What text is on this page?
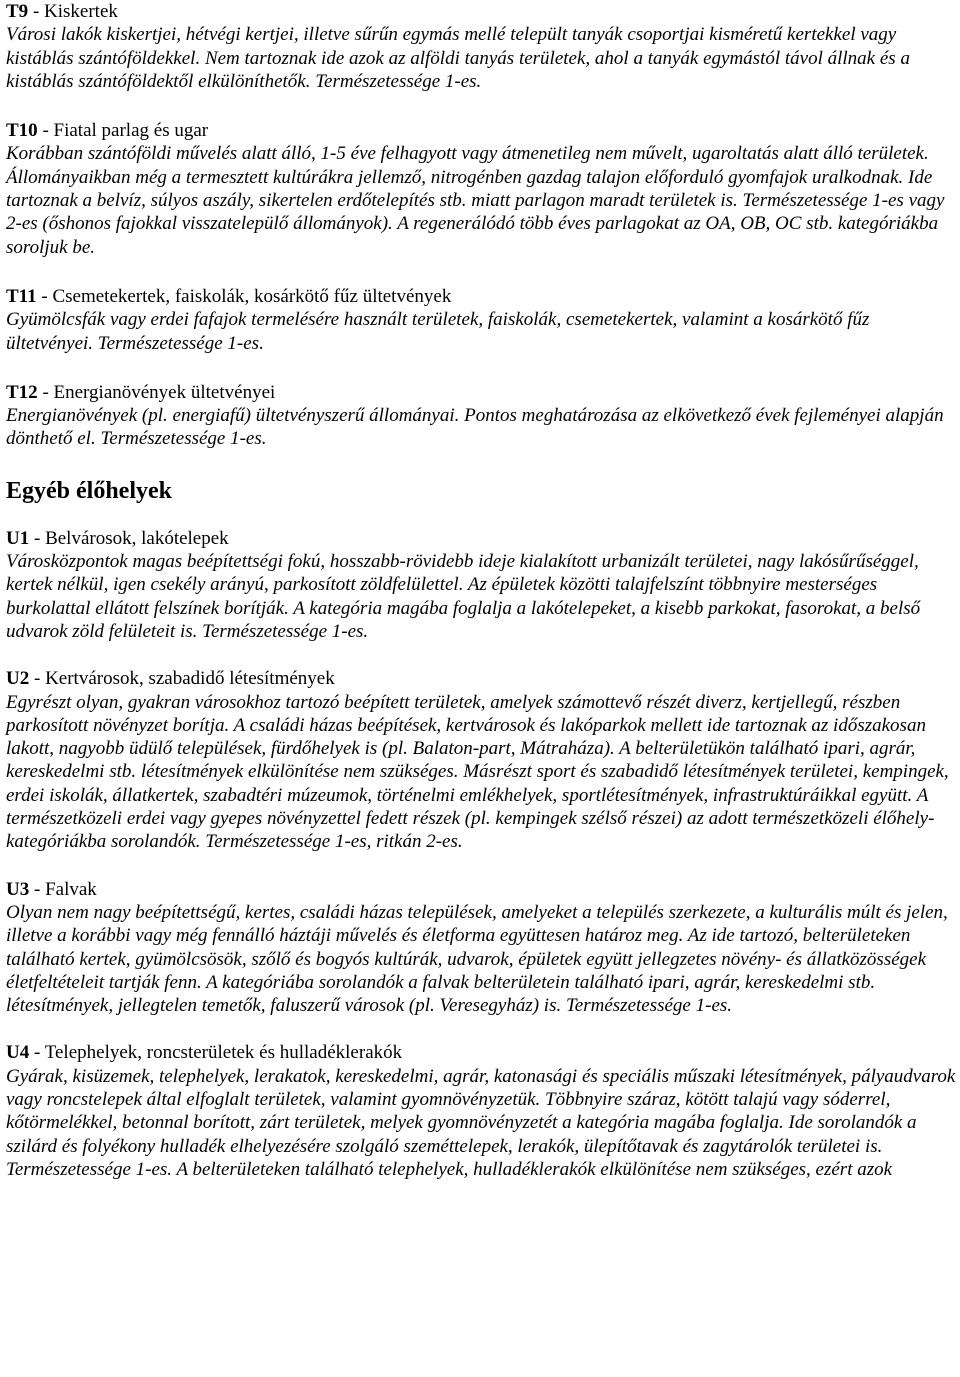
T9 - Kiskertek
Városi lakók kiskertjei, hétvégi kertjei, illetve sűrűn egymás mellé települt tanyák csoportjai kisméretű kertekkel vagy kistáblás szántóföldekkel. Nem tartoznak ide azok az alföldi tanyás területek, ahol a tanyák egymástól távol állnak és a kistáblás szántóföldektől elkülöníthetők. Természetessége 1-es.
T10 - Fiatal parlag és ugar
Korábban szántóföldi művelés alatt álló, 1-5 éve felhagyott vagy átmenetileg nem művelt, ugaroltatás alatt álló területek. Állományaikban még a termesztett kultúrákra jellemző, nitrogénben gazdag talajon előforduló gyomfajok uralkodnak. Ide tartoznak a belvíz, súlyos aszály, sikertelen erdőtelepítés stb. miatt parlagon maradt területek is. Természetessége 1-es vagy 2-es (őshonos fajokkal visszatelepülő állományok). A regenerálódó több éves parlagokat az OA, OB, OC stb. kategóriákba soroljuk be.
T11 - Csemetekertek, faiskolák, kosárkötő fűz ültetvények
Gyümölcsfák vagy erdei fafajok termelésére használt területek, faiskolák, csemetekertek, valamint a kosárkötő fűz ültetvényei. Természetessége 1-es.
T12 - Energianövények ültetvényei
Energianövények (pl. energiafű) ültetvényszerű állományai. Pontos meghatározása az elkövetkező évek fejleményei alapján dönthető el. Természetessége 1-es.
Egyéb élőhelyek
U1 - Belvárosok, lakótelepek
Városközpontok magas beépítettségi fokú, hosszabb-rövidebb ideje kialakított urbanizált területei, nagy lakósűrűséggel, kertek nélkül, igen csekély arányú, parkosított zöldfelülettel. Az épületek közötti talajfelszínt többnyire mesterséges burkolattal ellátott felszínek borítják. A kategória magába foglalja a lakótelepeket, a kisebb parkokat, fasorokat, a belső udvarok zöld felületeit is. Természetessége 1-es.
U2 - Kertvárosok, szabadidő létesítmények
Egyrészt olyan, gyakran városokhoz tartozó beépített területek, amelyek számottevő részét diverz, kertjellegű, részben parkosított növényzet borítja. A családi házas beépítések, kertvárosok és lakóparkok mellett ide tartoznak az időszakosan lakott, nagyobb üdülő települések, fürdőhelyek is (pl. Balaton-part, Mátraháza). A belterületükön található ipari, agrár, kereskedelmi stb. létesítmények elkülönítése nem szükséges. Másrészt sport és szabadidő létesítmények területei, kempingek, erdei iskolák, állatkertek, szabadtéri múzeumok, történelmi emlékhelyek, sportlétesítmények, infrastruktúráikkal együtt. A természetközeli erdei vagy gyepes növényzettel fedett részek (pl. kempingek szélső részei) az adott természetközeli élőhely-kategóriákba sorolandók. Természetessége 1-es, ritkán 2-es.
U3 - Falvak
Olyan nem nagy beépítettségű, kertes, családi házas települések, amelyeket a település szerkezete, a kulturális múlt és jelen, illetve a korábbi vagy még fennálló háztáji művelés és életforma együttesen határoz meg. Az ide tartozó, belterületeken található kertek, gyümölcsösök, szőlő és bogyós kultúrák, udvarok, épületek együtt jellegzetes növény- és állatközösségek életfeltételeit tartják fenn. A kategóriába sorolandók a falvak belterületein található ipari, agrár, kereskedelmi stb. létesítmények, jellegtelen temetők, faluszerű városok (pl. Veresegyház) is. Természetessége 1-es.
U4 - Telephelyek, roncsterületek és hulladéklerakók
Gyárak, kisüzemek, telephelyek, lerakatok, kereskedelmi, agrár, katonasági és speciális műszaki létesítmények, pályaudvarok vagy roncstelepek által elfoglalt területek, valamint gyomnövényzetük. Többnyire száraz, kötött talajú vagy sóderrel, kőtörmelékkel, betonnal borított, zárt területek, melyek gyomnövényzetét a kategória magába foglalja. Ide sorolandók a szilárd és folyékony hulladék elhelyezésére szolgáló szeméttelepek, lerakók, ülepítőtavak és zagytárolók területei is. Természetessége 1-es. A belterületeken található telephelyek, hulladéklerakók elkülönítése nem szükséges, ezért azok
